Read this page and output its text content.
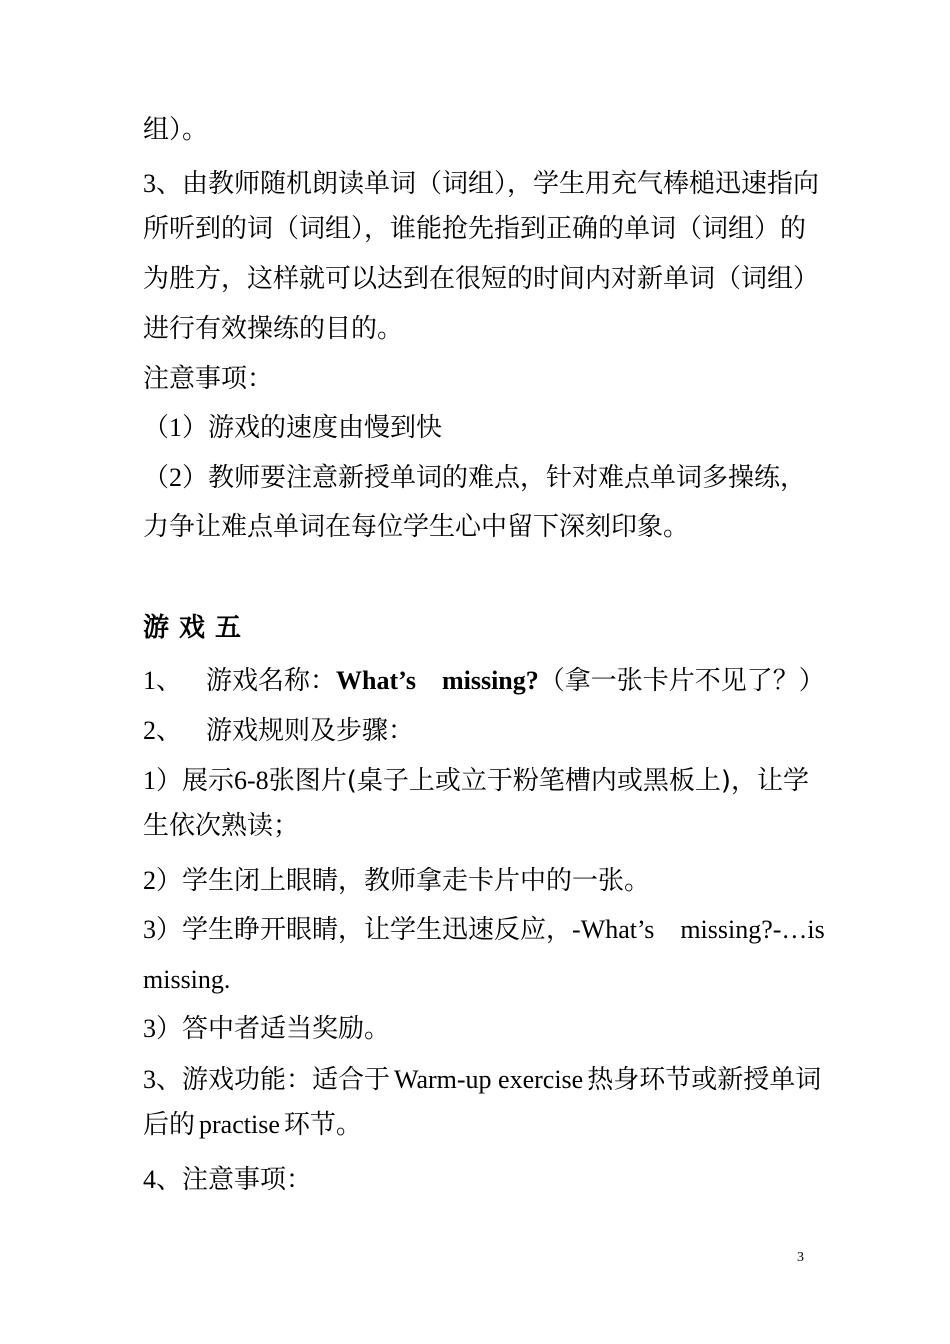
组）。
3、由教师随机朗读单词（词组），学生用充气棒槌迅速指向
所听到的词（词组），谁能抢先指到正确的单词（词组）的
为胜方，这样就可以达到在很短的时间内对新单词（词组）
进行有效操练的目的。
注意事项：
（1）游戏的速度由慢到快
（2）教师要注意新授单词的难点，针对难点单词多操练，
力争让难点单词在每位学生心中留下深刻印象。
游戏五
1、 游戏名称：What’s    missing?（拿一张卡片不见了？）
2、 游戏规则及步骤：
1）展示6-8张图片(桌子上或立于粉笔槽内或黑板上)，让学
生依次熟读；
2）学生闭上眼睛，教师拿走卡片中的一张。
3）学生睁开眼睛，让学生迅速反应，-What’s    missing?-…is
missing.
3）答中者适当奖励。
3、游戏功能：适合于 Warm-up exercise 热身环节或新授单词
后的 practise 环节。
4、注意事项：
3
